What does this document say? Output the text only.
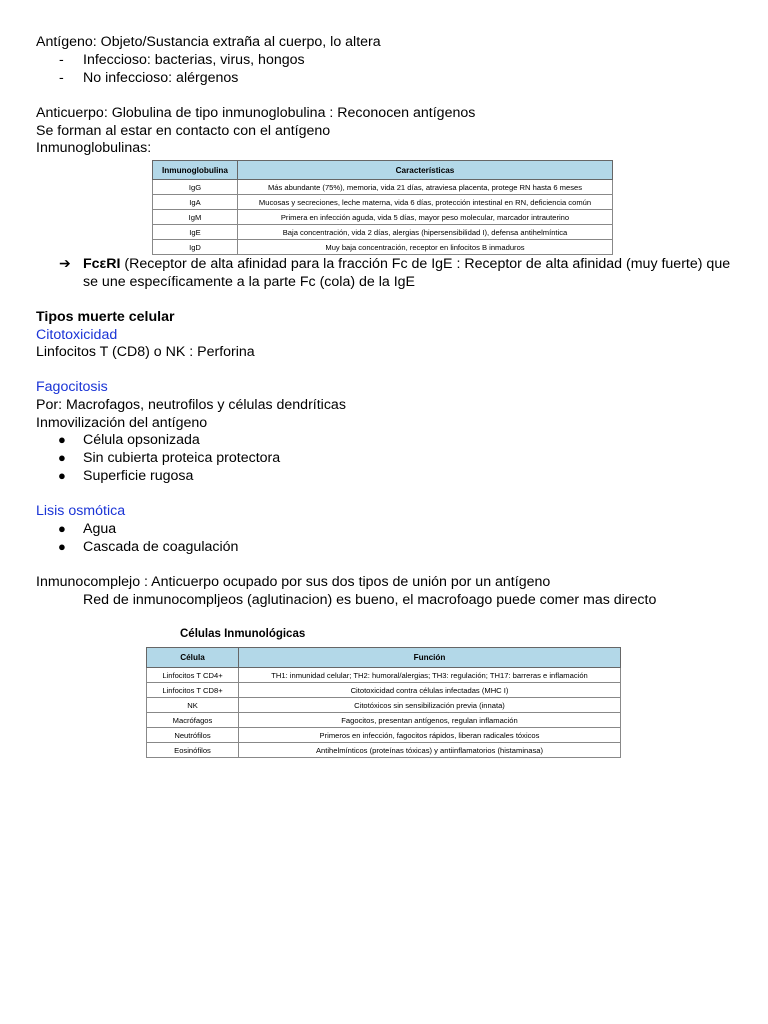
Antígeno: Objeto/Sustancia extraña al cuerpo, lo altera
- Infeccioso: bacterias, virus, hongos
- No infeccioso: alérgenos
Anticuerpo: Globulina de tipo inmunoglobulina : Reconocen antígenos
Se forman al estar en contacto con el antígeno
Inmunoglobulinas:
Inmunoglobulina	Características
IgG	Más abundante (75%), memoria, vida 21 días, atraviesa placenta, protege RN hasta 6 meses
IgA	Mucosas y secreciones, leche materna, vida 6 días, protección intestinal en RN, deficiencia común
IgM	Primera en infección aguda, vida 5 días, mayor peso molecular, marcador intrauterino
IgE	Baja concentración, vida 2 días, alergias (hipersensibilidad I), defensa antihelmíntica
IgD	Muy baja concentración, receptor en linfocitos B inmaduros
➔ FcεRI (Receptor de alta afinidad para la fracción Fc de IgE : Receptor de alta afinidad (muy fuerte) que
se une específicamente a la parte Fc (cola) de la IgE
Tipos muerte celular
Citotoxicidad
Linfocitos T (CD8) o NK : Perforina
Fagocitosis
Por: Macrofagos, neutrofilos y células dendríticas
Inmovilización del antígeno
● Célula opsonizada
● Sin cubierta proteica protectora
● Superficie rugosa
Lisis osmótica
● Agua
● Cascada de coagulación
Inmunocomplejo : Anticuerpo ocupado por sus dos tipos de unión por un antígeno
Red de inmunocompljeos (aglutinacion) es bueno, el macrofoago puede comer mas directo
Células Inmunológicas
Célula	Función
Linfocitos T CD4+	TH1: inmunidad celular; TH2: humoral/alergias; TH3: regulación; TH17: barreras e inflamación
Linfocitos T CD8+	Citotoxicidad contra células infectadas (MHC I)
NK	Citotóxicos sin sensibilización previa (innata)
Macrófagos	Fagocitos, presentan antígenos, regulan inflamación
Neutrófilos	Primeros en infección, fagocitos rápidos, liberan radicales tóxicos
Eosinófilos	Antihelmínticos (proteínas tóxicas) y antiinflamatorios (histaminasa)
